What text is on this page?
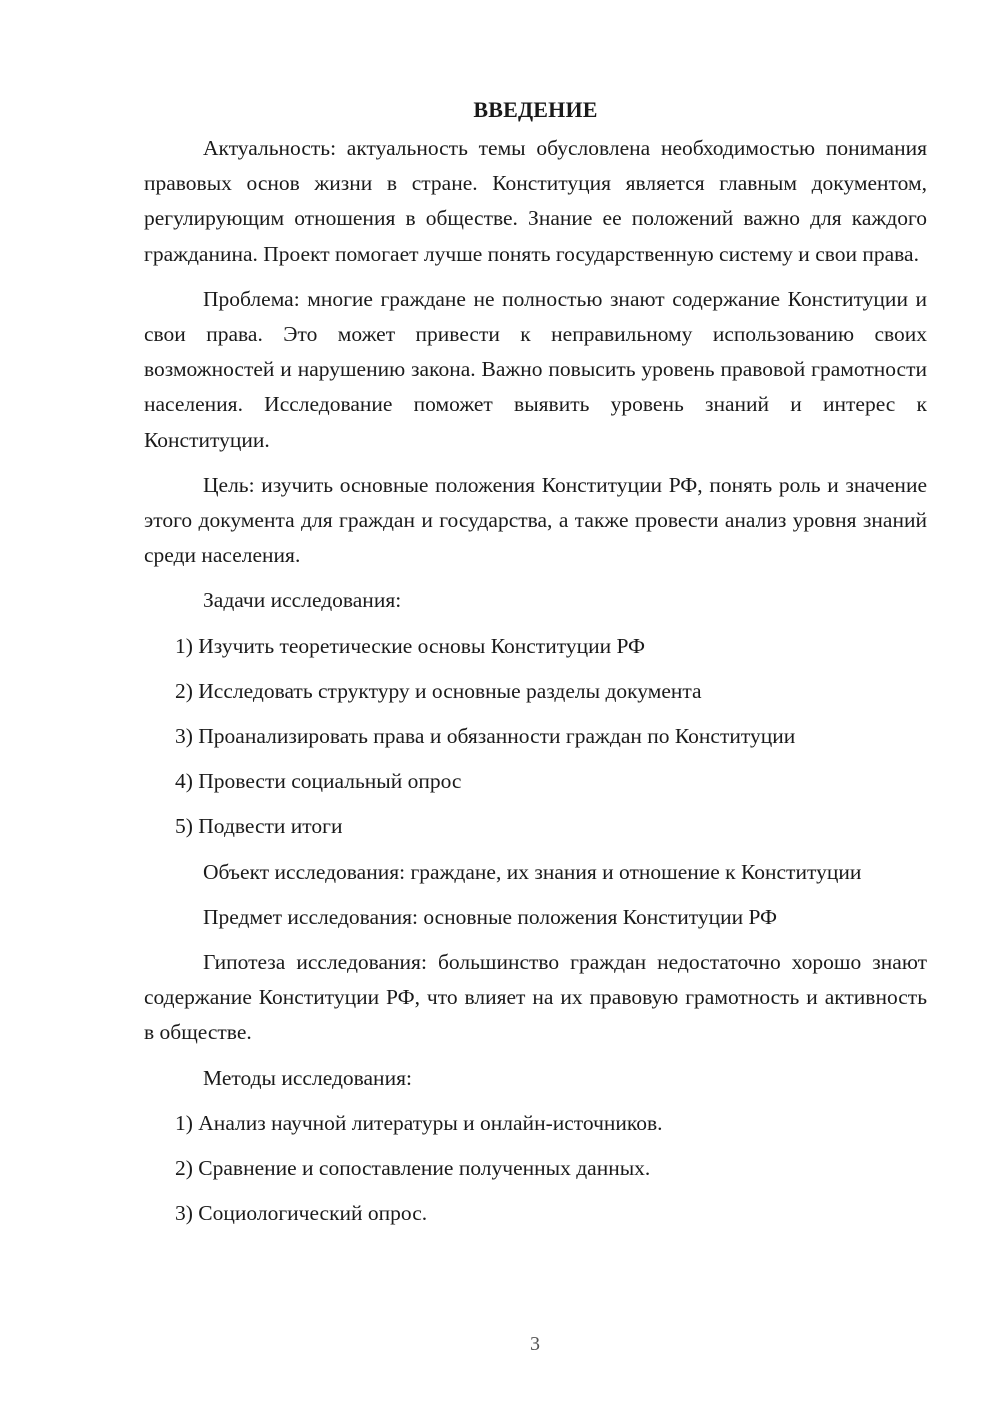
ВВЕДЕНИЕ

Актуальность: актуальность темы обусловлена необходимостью понимания правовых основ жизни в стране. Конституция является главным документом, регулирующим отношения в обществе. Знание ее положений важно для каждого гражданина. Проект помогает лучше понять государственную систему и свои права.

Проблема: многие граждане не полностью знают содержание Конституции и свои права. Это может привести к неправильному использованию своих возможностей и нарушению закона. Важно повысить уровень правовой грамотности населения. Исследование поможет выявить уровень знаний и интерес к Конституции.

Цель: изучить основные положения Конституции РФ, понять роль и значение этого документа для граждан и государства, а также провести анализ уровня знаний среди населения.

Задачи исследования:
1) Изучить теоретические основы Конституции РФ
2) Исследовать структуру и основные разделы документа
3) Проанализировать права и обязанности граждан по Конституции
4) Провести социальный опрос
5) Подвести итоги

Объект исследования: граждане, их знания и отношение к Конституции

Предмет исследования: основные положения Конституции РФ

Гипотеза исследования: большинство граждан недостаточно хорошо знают содержание Конституции РФ, что влияет на их правовую грамотность и активность в обществе.

Методы исследования:
1) Анализ научной литературы и онлайн-источников.
2) Сравнение и сопоставление полученных данных.
3) Социологический опрос.
3
